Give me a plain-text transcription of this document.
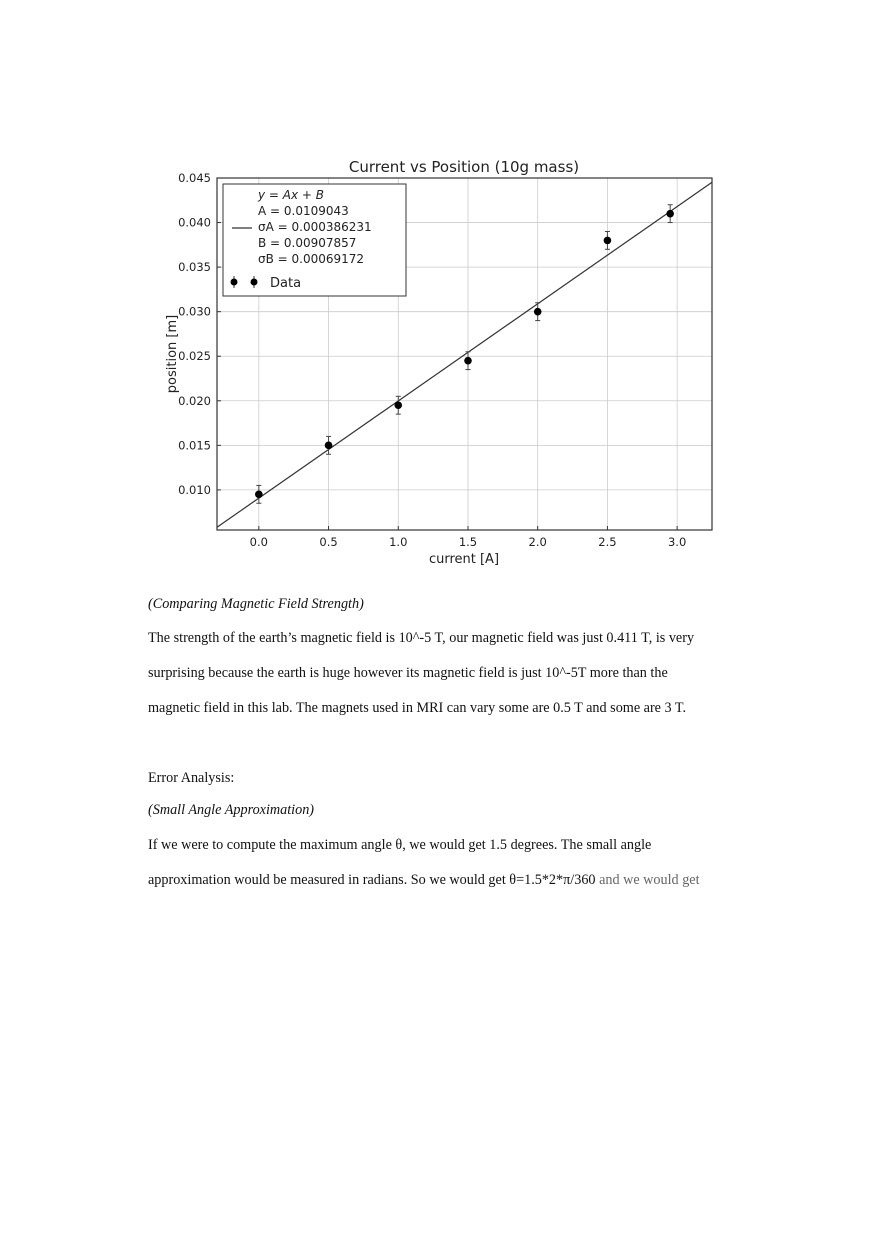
Current vs Position (10g mass)
0.0	0.5	1.0	1.5	2.0	2.5	3.0
0.010
0.015
0.020
0.025
0.030
0.035
0.040
0.045
current [A]
position [m]
y = Ax + B
A = 0.0109043
σA = 0.000386231
B = 0.00907857
σB = 0.00069172
Data
(Comparing Magnetic Field Strength)
The strength of the earth’s magnetic field is 10^-5 T, our magnetic field was just 0.411 T, is very
surprising because the earth is huge however its magnetic field is just 10^-5T more than the
magnetic field in this lab. The magnets used in MRI can vary some are 0.5 T and some are 3 T.
Error Analysis:
(Small Angle Approximation)
If we were to compute the maximum angle θ, we would get 1.5 degrees. The small angle
approximation would be measured in radians. So we would get θ=1.5*2*π/360 and we would get
